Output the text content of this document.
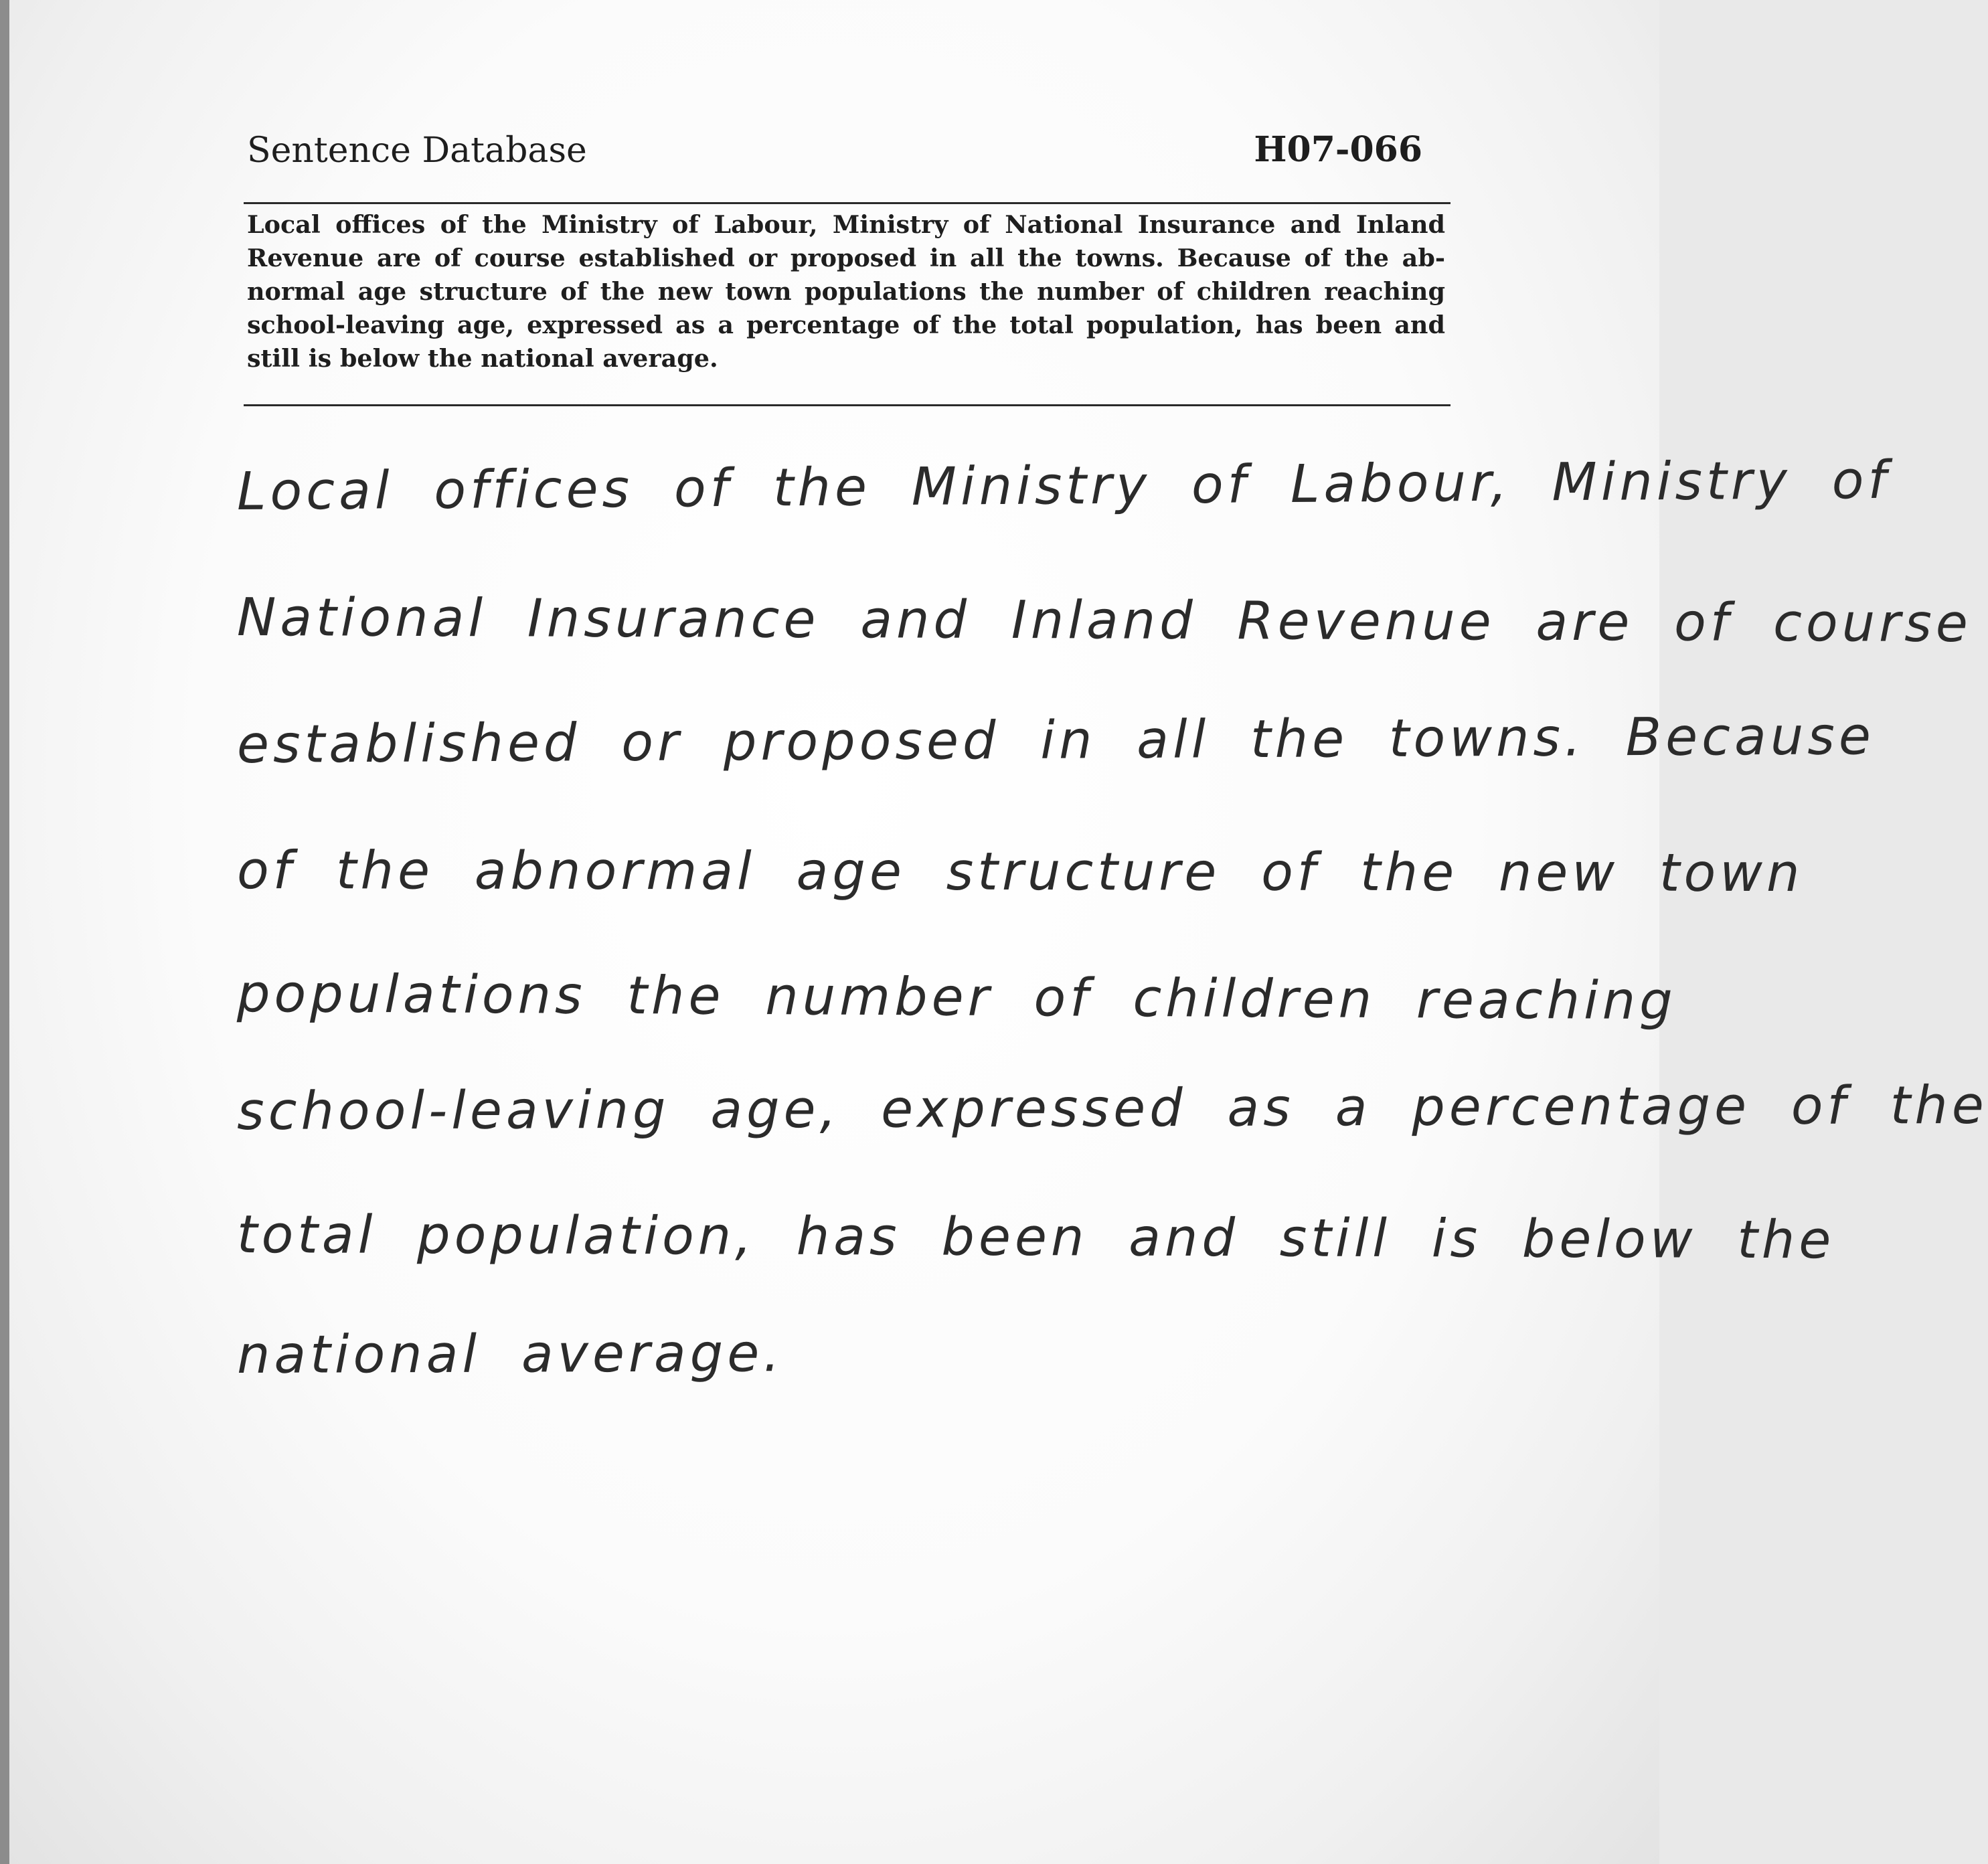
Sentence Database	H07-066
Local offices of the Ministry of Labour, Ministry of National Insurance and Inland
Revenue are of course established or proposed in all the towns. Because of the ab-
normal age structure of the new town populations the number of children reaching
school-leaving age, expressed as a percentage of the total population, has been and
still is below the national average.
Local offices of the Ministry of Labour, Ministry of
National Insurance and Inland Revenue are of course
established or proposed in all the towns. Because
of the abnormal age structure of the new town
populations the number of children reaching
school-leaving age, expressed as a percentage of the
total population, has been and still is below the
national average.
